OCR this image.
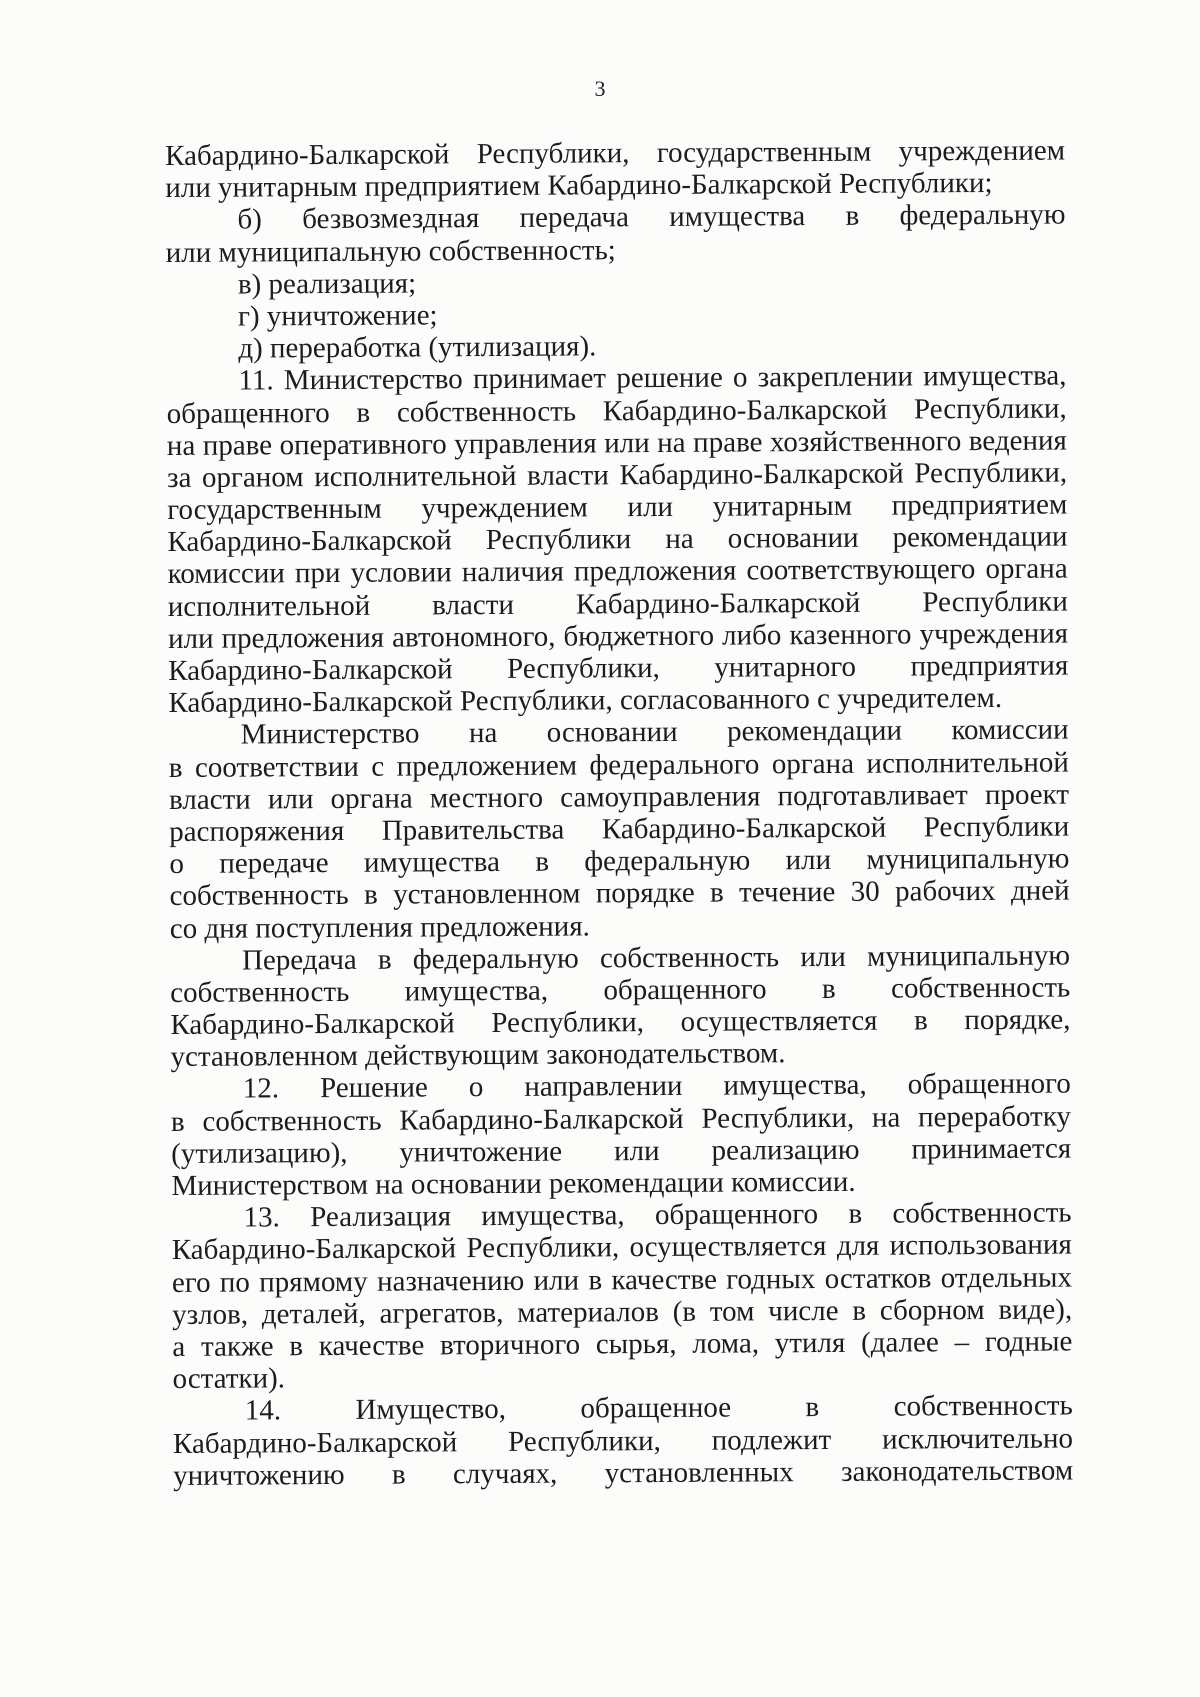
3
Кабардино-Балкарской Республики, государственным учреждением
или унитарным предприятием Кабардино-Балкарской Республики;
б) безвозмездная передача имущества в федеральную
или муниципальную собственность;
в) реализация;
г) уничтожение;
д) переработка (утилизация).
11. Министерство принимает решение о закреплении имущества,
обращенного в собственность Кабардино-Балкарской Республики,
на праве оперативного управления или на праве хозяйственного ведения
за органом исполнительной власти Кабардино-Балкарской Республики,
государственным учреждением или унитарным предприятием
Кабардино-Балкарской Республики на основании рекомендации
комиссии при условии наличия предложения соответствующего органа
исполнительной власти Кабардино-Балкарской Республики
или предложения автономного, бюджетного либо казенного учреждения
Кабардино-Балкарской Республики, унитарного предприятия
Кабардино-Балкарской Республики, согласованного с учредителем.
Министерство на основании рекомендации комиссии
в соответствии с предложением федерального органа исполнительной
власти или органа местного самоуправления подготавливает проект
распоряжения Правительства Кабардино-Балкарской Республики
о передаче имущества в федеральную или муниципальную
собственность в установленном порядке в течение 30 рабочих дней
со дня поступления предложения.
Передача в федеральную собственность или муниципальную
собственность имущества, обращенного в собственность
Кабардино-Балкарской Республики, осуществляется в порядке,
установленном действующим законодательством.
12. Решение о направлении имущества, обращенного
в собственность Кабардино-Балкарской Республики, на переработку
(утилизацию), уничтожение или реализацию принимается
Министерством на основании рекомендации комиссии.
13. Реализация имущества, обращенного в собственность
Кабардино-Балкарской Республики, осуществляется для использования
его по прямому назначению или в качестве годных остатков отдельных
узлов, деталей, агрегатов, материалов (в том числе в сборном виде),
а также в качестве вторичного сырья, лома, утиля (далее – годные
остатки).
14. Имущество, обращенное в собственность
Кабардино-Балкарской Республики, подлежит исключительно
уничтожению в случаях, установленных законодательством
